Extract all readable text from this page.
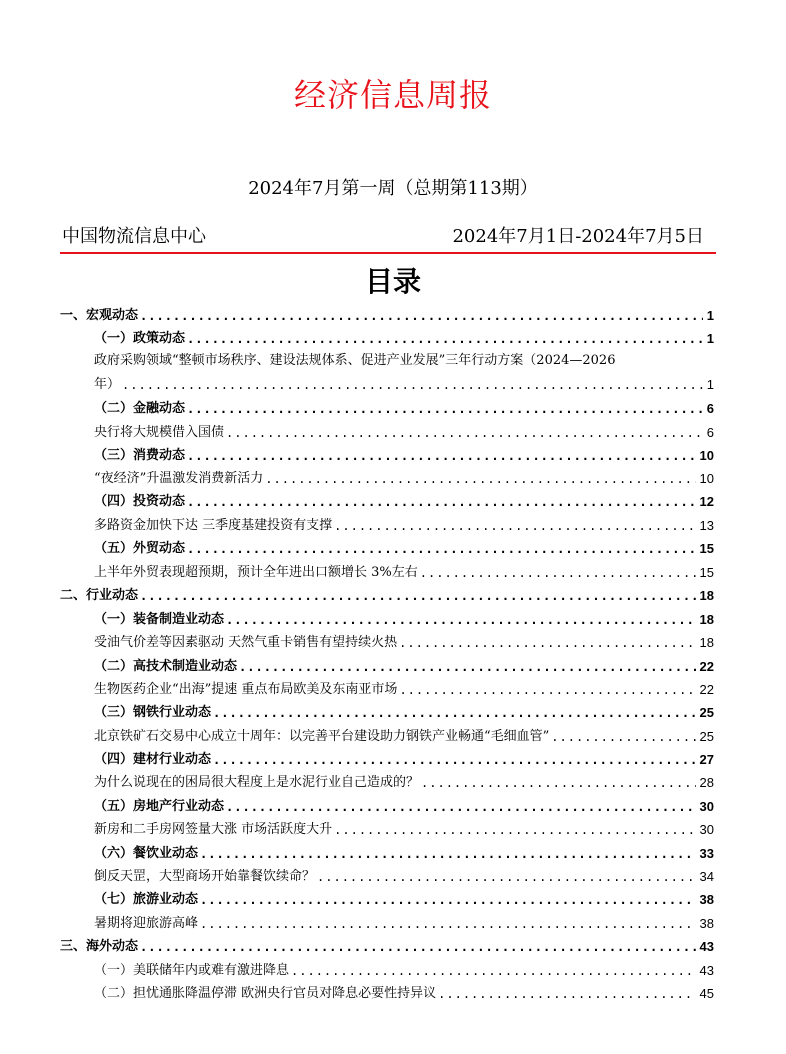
经济信息周报
2024年7月第一周（总期第113期）
中国物流信息中心	2024年7月1日-2024年7月5日
目录
一、宏观动态 .....	1
（一）政策动态 .....	1
政府采购领域“整顿市场秩序、建设法规体系、促进产业发展”三年行动方案（2024—2026
年） .....	1
（二）金融动态 .....	6
央行将大规模借入国债 .....	6
（三）消费动态 .....	10
“夜经济”升温激发消费新活力 .....	10
（四）投资动态 .....	12
多路资金加快下达 三季度基建投资有支撑 .....	13
（五）外贸动态 .....	15
上半年外贸表现超预期，预计全年进出口额增长 3%左右 .....	15
二、行业动态 .....	18
（一）装备制造业动态 .....	18
受油气价差等因素驱动 天然气重卡销售有望持续火热 .....	18
（二）高技术制造业动态 .....	22
生物医药企业“出海”提速 重点布局欧美及东南亚市场 .....	22
（三）钢铁行业动态 .....	25
北京铁矿石交易中心成立十周年：以完善平台建设助力钢铁产业畅通“毛细血管” .....	25
（四）建材行业动态 .....	27
为什么说现在的困局很大程度上是水泥行业自己造成的？ .....	28
（五）房地产行业动态 .....	30
新房和二手房网签量大涨 市场活跃度大升 .....	30
（六）餐饮业动态 .....	33
倒反天罡，大型商场开始靠餐饮续命？ .....	34
（七）旅游业动态 .....	38
暑期将迎旅游高峰 .....	38
三、海外动态 .....	43
（一）美联储年内或难有激进降息 .....	43
（二）担忧通胀降温停滞 欧洲央行官员对降息必要性持异议 .....	45
